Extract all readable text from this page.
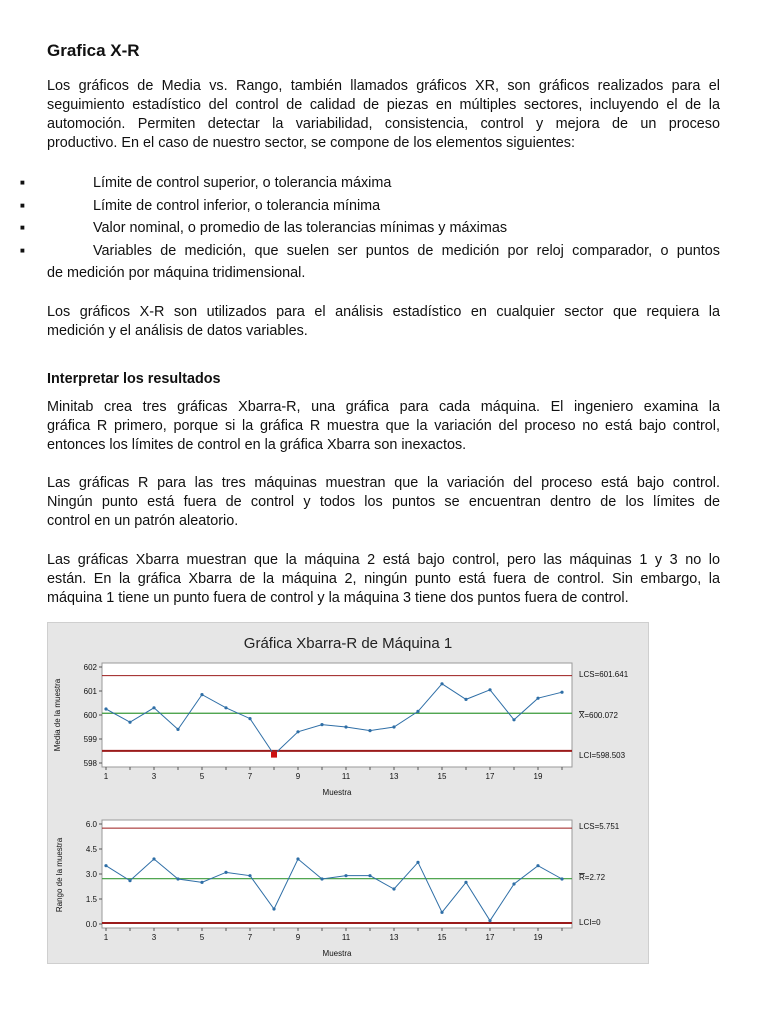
Grafica X-R

Los gráficos de Media vs. Rango, también llamados gráficos XR, son gráficos realizados para el
seguimiento estadístico del control de calidad de piezas en múltiples sectores, incluyendo el de la
automoción. Permiten detectar la variabilidad, consistencia, control y mejora de un proceso
productivo. En el caso de nuestro sector, se compone de los elementos siguientes:

■	Límite de control superior, o tolerancia máxima
■	Límite de control inferior, o tolerancia mínima
■	Valor nominal, o promedio de las tolerancias mínimas y máximas
■	Variables de medición, que suelen ser puntos de medición por reloj comparador, o puntos
de medición por máquina tridimensional.

Los gráficos X-R son utilizados para el análisis estadístico en cualquier sector que requiera la
medición y el análisis de datos variables.

Interpretar los resultados

Minitab crea tres gráficas Xbarra-R, una gráfica para cada máquina. El ingeniero examina la
gráfica R primero, porque si la gráfica R muestra que la variación del proceso no está bajo control,
entonces los límites de control en la gráfica Xbarra son inexactos.

Las gráficas R para las tres máquinas muestran que la variación del proceso está bajo control.
Ningún punto está fuera de control y todos los puntos se encuentran dentro de los límites de
control en un patrón aleatorio.

Las gráficas Xbarra muestran que la máquina 2 está bajo control, pero las máquinas 1 y 3 no lo
están. En la gráfica Xbarra de la máquina 2, ningún punto está fuera de control. Sin embargo, la
máquina 1 tiene un punto fuera de control y la máquina 3 tiene dos puntos fuera de control.

Gráfica Xbarra-R de Máquina 1
Media de la muestra
Muestra
LCS=601.641
X=600.072
LCI=598.503
602
601
600
599
598
1	3	5	7	9	11	13	15	17	19
Rango de la muestra
Muestra
LCS=5.751
R=2.72
LCI=0
6.0
4.5
3.0
1.5
0.0
1	3	5	7	9	11	13	15	17	19
